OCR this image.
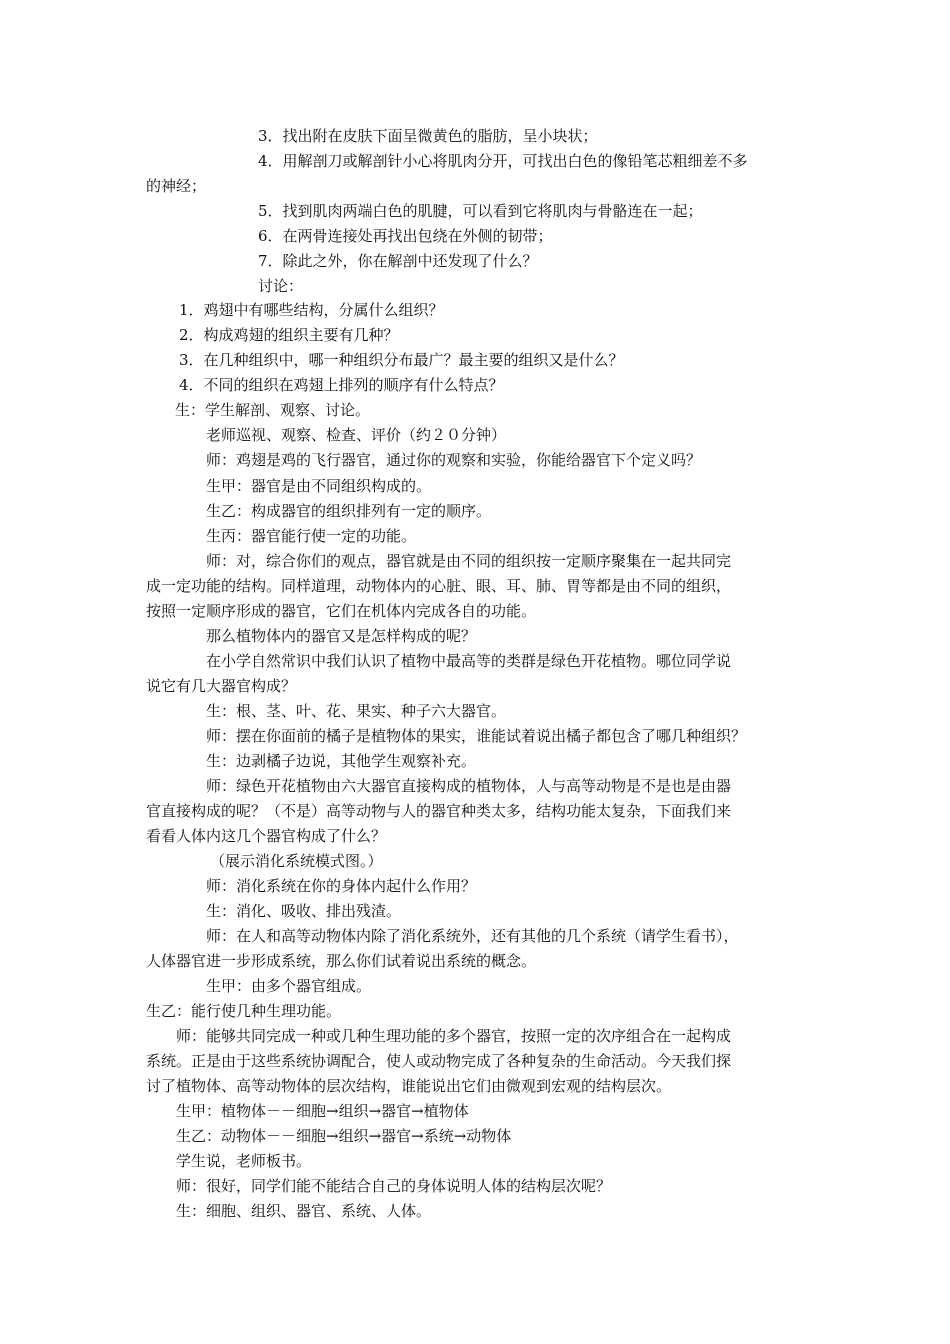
3．找出附在皮肤下面呈微黄色的脂肪，呈小块状；

4．用解剖刀或解剖针小心将肌肉分开，可找出白色的像铅笔芯粗细差不多

的神经；

5．找到肌肉两端白色的肌腱，可以看到它将肌肉与骨骼连在一起；

6．在两骨连接处再找出包绕在外侧的韧带；

7．除此之外，你在解剖中还发现了什么？

讨论：

1．鸡翅中有哪些结构，分属什么组织？

2．构成鸡翅的组织主要有几种？

3．在几种组织中，哪一种组织分布最广？最主要的组织又是什么？

4．不同的组织在鸡翅上排列的顺序有什么特点？

生：学生解剖、观察、讨论。

老师巡视、观察、检查、评价（约２０分钟）

师：鸡翅是鸡的飞行器官，通过你的观察和实验，你能给器官下个定义吗？

生甲：器官是由不同组织构成的。

生乙：构成器官的组织排列有一定的顺序。

生丙：器官能行使一定的功能。

师：对，综合你们的观点，器官就是由不同的组织按一定顺序聚集在一起共同完

成一定功能的结构。同样道理，动物体内的心脏、眼、耳、肺、胃等都是由不同的组织，

按照一定顺序形成的器官，它们在机体内完成各自的功能。

那么植物体内的器官又是怎样构成的呢？

在小学自然常识中我们认识了植物中最高等的类群是绿色开花植物。哪位同学说

说它有几大器官构成？

生：根、茎、叶、花、果实、种子六大器官。

师：摆在你面前的橘子是植物体的果实，谁能试着说出橘子都包含了哪几种组织？

生：边剥橘子边说，其他学生观察补充。

师：绿色开花植物由六大器官直接构成的植物体，人与高等动物是不是也是由器

官直接构成的呢？（不是）高等动物与人的器官种类太多，结构功能太复杂，下面我们来

看看人体内这几个器官构成了什么？

（展示消化系统模式图。）

师：消化系统在你的身体内起什么作用？

生：消化、吸收、排出残渣。

师：在人和高等动物体内除了消化系统外，还有其他的几个系统（请学生看书），

人体器官进一步形成系统，那么你们试着说出系统的概念。

生甲：由多个器官组成。

生乙：能行使几种生理功能。

师：能够共同完成一种或几种生理功能的多个器官，按照一定的次序组合在一起构成

系统。正是由于这些系统协调配合，使人或动物完成了各种复杂的生命活动。今天我们探

讨了植物体、高等动物体的层次结构，谁能说出它们由微观到宏观的结构层次。

生甲：植物体－－细胞→组织→器官→植物体

生乙：动物体－－细胞→组织→器官→系统→动物体

学生说，老师板书。

师：很好，同学们能不能结合自己的身体说明人体的结构层次呢？

生：细胞、组织、器官、系统、人体。
